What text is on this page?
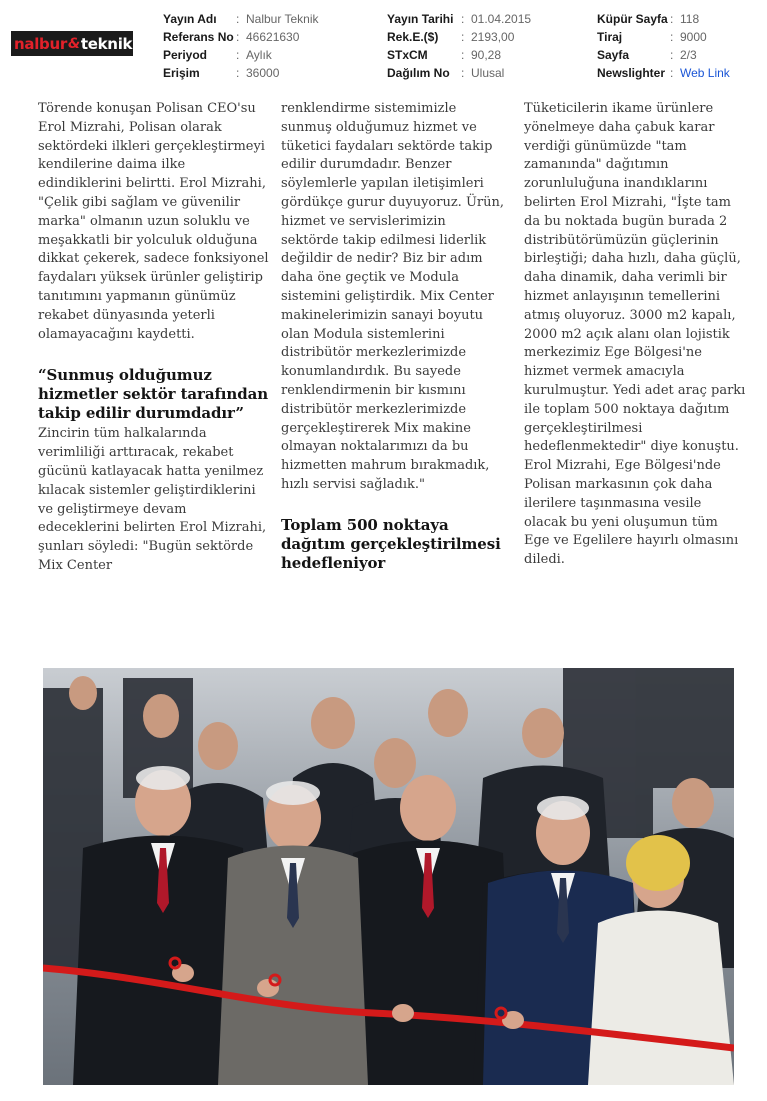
nalbur & teknik
Yayın Adı	: Nalbur Teknik
Referans No : 46621630
Periyod	: Aylık
Erişim	: 36000
Yayın Tarihi : 01.04.2015
Rek.E.($)	: 2193,00
STxCM	: 90,28
Dağılım No : Ulusal
Küpür Sayfa : 118
Tiraj	: 9000
Sayfa	: 2/3
Newslighter : Web Link

Törende konuşan Polisan CEO'su Erol Mizrahi, Polisan olarak sektördeki ilkleri gerçekleştirmeyi kendilerine daima ilke edindiklerini belirtti. Erol Mizrahi, "Çelik gibi sağlam ve güvenilir marka" olmanın uzun soluklu ve meşakkatli bir yolculuk olduğuna dikkat çekerek, sadece fonksiyonel faydaları yüksek ürünler geliştirip tanıtımını yapmanın günümüz rekabet dünyasında yeterli olamayacağını kaydetti.

“Sunmuş olduğumuz hizmetler sektör tarafından takip edilir durumdadır”

Zincirin tüm halkalarında verimliliği arttıracak, rekabet gücünü katlayacak hatta yenilmez kılacak sistemler geliştirdiklerini ve geliştirmeye devam edeceklerini belirten Erol Mizrahi, şunları söyledi: "Bugün sektörde Mix Center

renklendirme sistemimizle sunmuş olduğumuz hizmet ve tüketici faydaları sektörde takip edilir durumdadır. Benzer söylemlerle yapılan iletişimleri gördükçe gurur duyuyoruz. Ürün, hizmet ve servislerimizin sektörde takip edilmesi liderlik değildir de nedir? Biz bir adım daha öne geçtik ve Modula sistemini geliştirdik. Mix Center makinelerimizin sanayi boyutu olan Modula sistemlerini distribütör merkezlerimizde konumlandırdık. Bu sayede renklendirmenin bir kısmını distribütör merkezlerimizde gerçekleştirerek Mix makine olmayan noktalarımızı da bu hizmetten mahrum bırakmadık, hızlı servisi sağladık."

Toplam 500 noktaya dağıtım gerçekleştirilmesi hedefleniyor

Tüketicilerin ikame ürünlere yönelmeye daha çabuk karar verdiği günümüzde "tam zamanında" dağıtımın zorunluluğuna inandıklarını belirten Erol Mizrahi, "İşte tam da bu noktada bugün burada 2 distribütörümüzün güçlerinin birleştiği; daha hızlı, daha güçlü, daha dinamik, daha verimli bir hizmet anlayışının temellerini atmış oluyoruz. 3000 m2 kapalı, 2000 m2 açık alanı olan lojistik merkezimiz Ege Bölgesi'ne hizmet vermek amacıyla kurulmuştur. Yedi adet araç parkı ile toplam 500 noktaya dağıtım gerçekleştirilmesi hedeflenmektedir" diye konuştu.

Erol Mizrahi, Ege Bölgesi'nde Polisan markasının çok daha ilerilere taşınmasına vesile olacak bu yeni oluşumun tüm Ege ve Egelilere hayırlı olmasını diledi.
